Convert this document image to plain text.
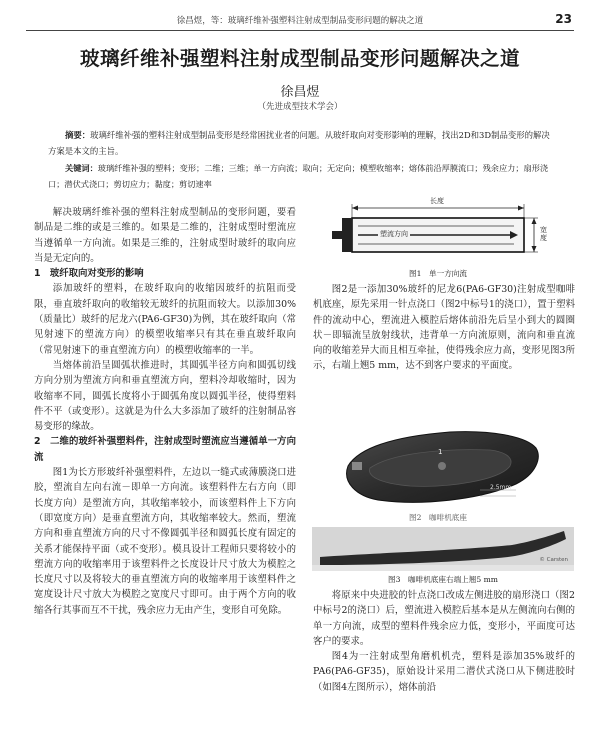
徐昌煜，等：玻璃纤维补强塑料注射成型制品变形问题的解决之道	23
玻璃纤维补强塑料注射成型制品变形问题解决之道
徐昌煜
（先进成型技术学会）
摘要：玻璃纤维补强的塑料注射成型制品变形是经常困扰业者的问题。从玻纤取向对变形影响的理解，找出2D和3D制品变形的解决方案是本文的主旨。
关键词：玻璃纤维补强的塑料；变形；二维；三维；单一方向流；取向；无定向；模塑收缩率；熔体前沿厚膜流口；残余应力；扇形浇口；潜伏式浇口；剪切应力；黏度；剪切速率

解决玻璃纤维补强的塑料注射成型制品的变形问题，要看制品是二维的或是三维的。如果是二维的，注射成型时塑流应当遵循单一方向流。如果是三维的，注射成型时玻纤的取向应当是无定向的。

1　玻纤取向对变形的影响

添加玻纤的塑料，在玻纤取向的收缩因玻纤的抗阻而受限，垂直玻纤取向的收缩较无玻纤的抗阻而较大。以添加30%（质量比）玻纤的尼龙六(PA6-GF30)为例，其在玻纤取向（常见射速下的塑流方向）的模塑收缩率只有其在垂直玻纤取向（常见射速下的垂直塑流方向）的模塑收缩率的一半。

当熔体前沿呈圆弧状推进时，其圆弧半径方向和圆弧切线方向分别为塑流方向和垂直塑流方向，塑料冷却收缩时，因为收缩率不同，圆弧长度将小于圆弧角度以圆弧半径，使得塑料件不平（或变形）。这就是为什么大多添加了玻纤的注射制品容易变形的缘故。

2　二维的玻纤补强塑料件，注射成型时塑流应当遵循单一方向流

图1为长方形玻纤补强塑料件，左边以一缝式或薄膜浇口进胶，塑流自左向右流－即单一方向流。该塑料件左右方向（即长度方向）是塑流方向，其收缩率较小，而该塑料件上下方向（即宽度方向）是垂直塑流方向，其收缩率较大。然而，塑流方向和垂直塑流方向的尺寸不像圆弧半径和圆弧长度有固定的关系才能保持平面（或不变形）。模具设计工程师只要将较小的塑流方向的收缩率用于该塑料件之长度设计尺寸放大为模腔之长度尺寸以及将较大的垂直塑流方向的收缩率用于该塑料件之宽度设计尺寸放大为模腔之宽度尺寸即可。由于两个方向的收缩各行其事而互不干扰，残余应力无由产生，变形自可免除。

长度
塑流方向	宽度
图1　单一方向流

图2是一添加30%玻纤的尼龙6(PA6-GF30)注射成型咖啡机底座，原先采用一针点浇口（图2中标号1的浇口），置于塑料件的流动中心，塑流进入模腔后熔体前沿先后呈小到大的圆圈状－即辐流呈放射线状，违背单一方向流原则，流向和垂直流向的收缩差异大而且相互牵扯，使得残余应力高，变形见图3所示，右端上翘5 mm，达不到客户要求的平面度。

2.5mm
1
图2　咖啡机底座
© Carsten
图3　咖啡机底座右端上翘5 mm

将原来中央进胶的针点浇口改成左侧进胶的扇形浇口（图2中标号2的浇口）后，塑流进入模腔后基本是从左侧流向右侧的单一方向流，成型的塑料件残余应力低，变形小，平面度可达客户的要求。

图4为一注射成型角磨机机壳，塑料是添加35%玻纤的PA6(PA6-GF35)，原始设计采用二潜伏式浇口从下侧进胶时（如图4左图所示），熔体前沿
